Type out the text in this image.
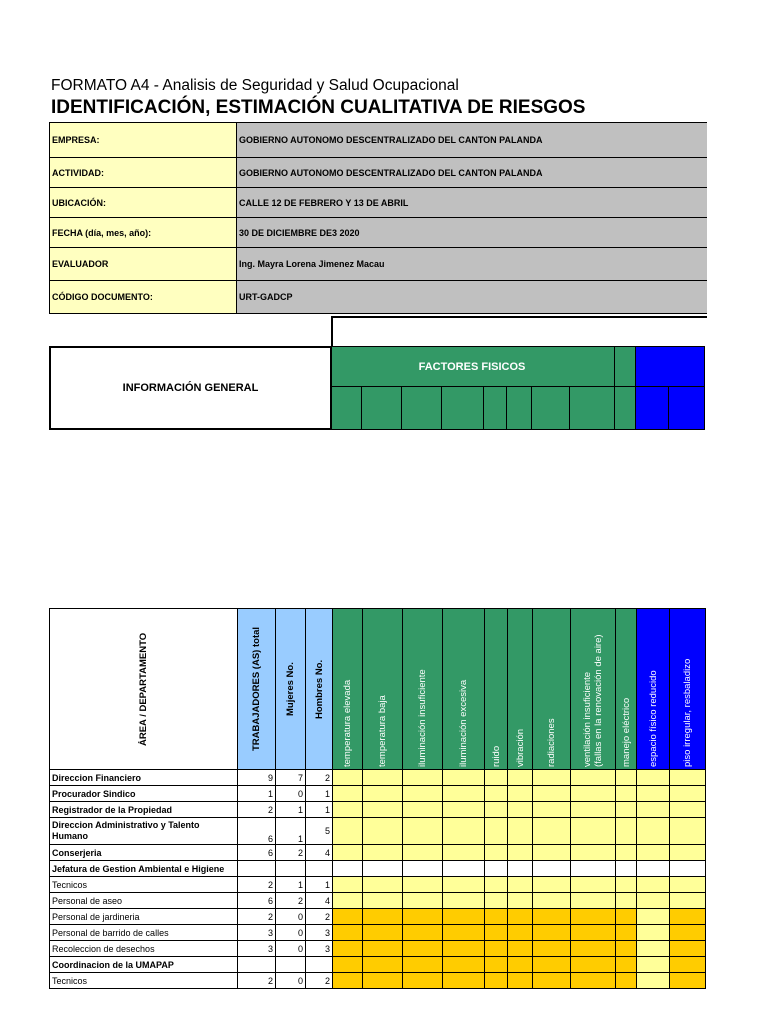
FORMATO A4 - Analisis de Seguridad y Salud Ocupacional
IDENTIFICACIÓN, ESTIMACIÓN CUALITATIVA DE RIESGOS
EMPRESA:	GOBIERNO AUTONOMO DESCENTRALIZADO DEL CANTON PALANDA
ACTIVIDAD:	GOBIERNO AUTONOMO DESCENTRALIZADO DEL CANTON PALANDA
UBICACIÓN:	CALLE 12 DE FEBRERO Y 13 DE ABRIL
FECHA (día, mes, año):	30 DE DICIEMBRE DE3 2020
EVALUADOR	Ing. Mayra Lorena Jimenez Macau
CÓDIGO DOCUMENTO:	URT-GADCP
INFORMACIÓN GENERAL
FACTORES FISICOS
ÁREA / DEPARTAMENTO	TRABAJADORES (AS) total	Mujeres No.	Hombres No.	temperatura elevada	temperatura baja	iluminación insuficiente	iluminación excesiva	ruido	vibración	radiaciones	ventilación insuficiente
(fallas en la renovación de aire)	manejo eléctrico	espacio físico reducido	piso irregular, resbaladizo

Direccion Financiero	9	7	2											
Procurador Sindico	1	0	1											
Registrador de la Propiedad	2	1	1											
Direccion Administrativo y Talento
Humano	6	1	5											
Conserjeria	6	2	4											
Jefatura de Gestion Ambiental e Higiene														
Tecnicos	2	1	1											
Personal de aseo	6	2	4											
Personal de jardineria	2	0	2											
Personal de barrido de calles	3	0	3											
Recoleccion de desechos	3	0	3											
Coordinacion de la UMAPAP														
Tecnicos	2	0	2											
